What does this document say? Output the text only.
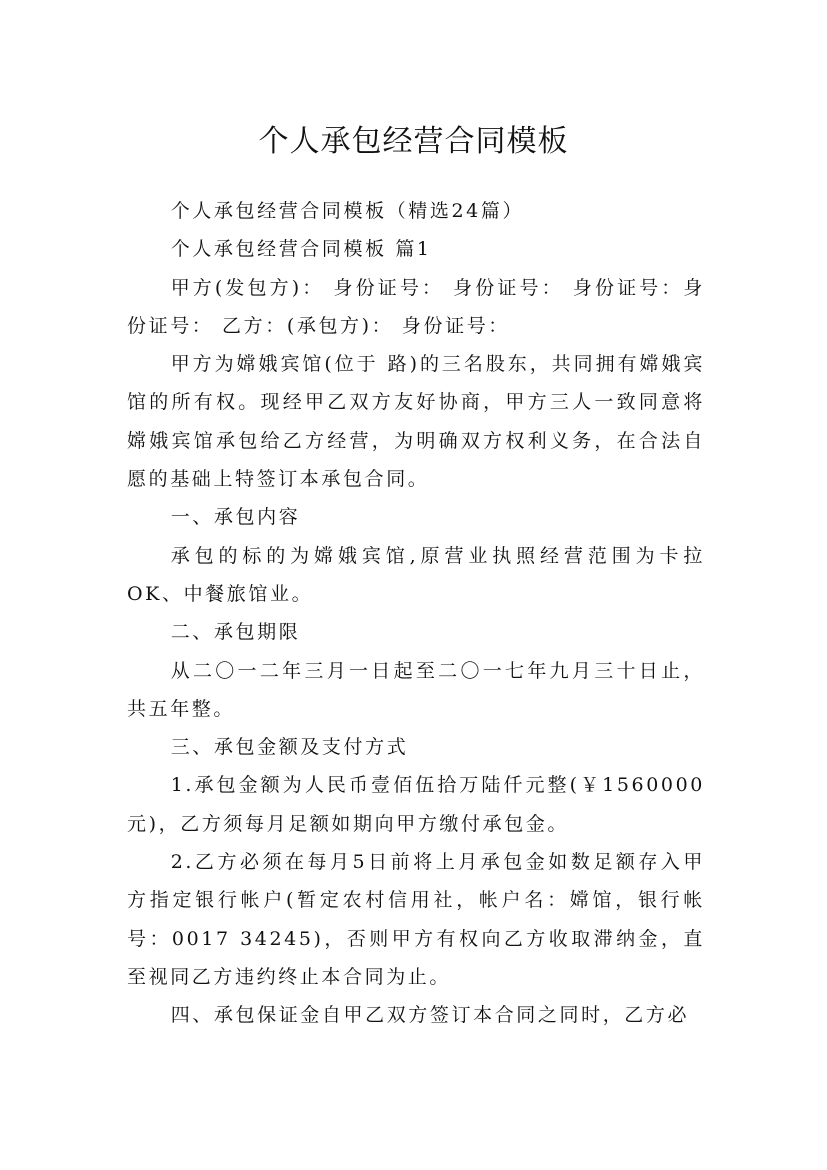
个人承包经营合同模板

个人承包经营合同模板（精选24篇）

个人承包经营合同模板 篇1

甲方(发包方)： 身份证号： 身份证号： 身份证号：身份证号： 乙方：(承包方)： 身份证号：

甲方为嫦娥宾馆(位于 路)的三名股东，共同拥有嫦娥宾馆的所有权。现经甲乙双方友好协商，甲方三人一致同意将嫦娥宾馆承包给乙方经营，为明确双方权利义务，在合法自愿的基础上特签订本承包合同。

一、承包内容

承包的标的为嫦娥宾馆,原营业执照经营范围为卡拉OK、中餐旅馆业。

二、承包期限

从二〇一二年三月一日起至二〇一七年九月三十日止，共五年整。

三、承包金额及支付方式

1.承包金额为人民币壹佰伍拾万陆仟元整(￥1560000元)，乙方须每月足额如期向甲方缴付承包金。

2.乙方必须在每月5日前将上月承包金如数足额存入甲方指定银行帐户(暂定农村信用社，帐户名：嫦馆，银行帐号：0017 34245)，否则甲方有权向乙方收取滞纳金，直至视同乙方违约终止本合同为止。

四、承包保证金自甲乙双方签订本合同之同时，乙方必
